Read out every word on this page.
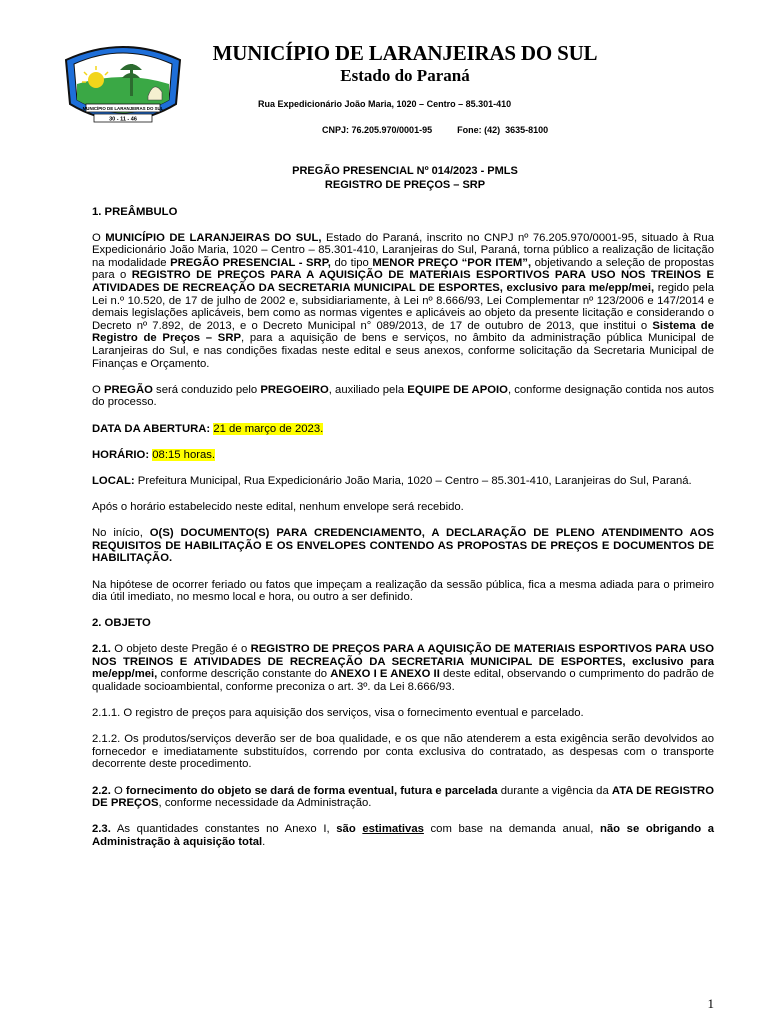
MUNICÍPIO DE LARANJEIRAS DO SUL
30 - 11 - 46
MUNICÍPIO DE LARANJEIRAS DO SUL
Estado do Paraná
Rua Expedicionário João Maria, 1020 – Centro – 85.301-410
CNPJ: 76.205.970/0001-95	Fone: (42)  3635-8100
PREGÃO PRESENCIAL Nº 014/2023 - PMLS
REGISTRO DE PREÇOS – SRP

1. PREÂMBULO

O MUNICÍPIO DE LARANJEIRAS DO SUL, Estado do Paraná, inscrito no CNPJ nº 76.205.970/0001-95, situado à Rua Expedicionário João Maria, 1020 – Centro – 85.301-410, Laranjeiras do Sul, Paraná, torna público a realização de licitação na modalidade PREGÃO PRESENCIAL - SRP, do tipo MENOR PREÇO “POR ITEM”, objetivando a seleção de propostas para o REGISTRO DE PREÇOS PARA A AQUISIÇÃO DE MATERIAIS ESPORTIVOS PARA USO NOS TREINOS E ATIVIDADES DE RECREAÇÃO DA SECRETARIA MUNICIPAL DE ESPORTES, exclusivo para me/epp/mei, regido pela Lei n.º 10.520, de 17 de julho de 2002 e, subsidiariamente, à Lei nº 8.666/93, Lei Complementar nº 123/2006 e 147/2014 e demais legislações aplicáveis, bem como as normas vigentes e aplicáveis ao objeto da presente licitação e considerando o Decreto nº 7.892, de 2013, e o Decreto Municipal n° 089/2013, de 17 de outubro de 2013, que institui o Sistema de Registro de Preços – SRP, para a aquisição de bens e serviços, no âmbito da administração pública Municipal de Laranjeiras do Sul, e nas condições fixadas neste edital e seus anexos, conforme solicitação da Secretaria Municipal de Finanças e Orçamento.

O PREGÃO será conduzido pelo PREGOEIRO, auxiliado pela EQUIPE DE APOIO, conforme designação contida nos autos do processo.

DATA DA ABERTURA: 21 de março de 2023.

HORÁRIO: 08:15 horas.

LOCAL: Prefeitura Municipal, Rua Expedicionário João Maria, 1020 – Centro – 85.301-410, Laranjeiras do Sul, Paraná.

Após o horário estabelecido neste edital, nenhum envelope será recebido.

No início, O(S) DOCUMENTO(S) PARA CREDENCIAMENTO, A DECLARAÇÃO DE PLENO ATENDIMENTO AOS REQUISITOS DE HABILITAÇÃO E OS ENVELOPES CONTENDO AS PROPOSTAS DE PREÇOS E DOCUMENTOS DE HABILITAÇÃO.

Na hipótese de ocorrer feriado ou fatos que impeçam a realização da sessão pública, fica a mesma adiada para o primeiro dia útil imediato, no mesmo local e hora, ou outro a ser definido.

2. OBJETO

2.1. O objeto deste Pregão é o REGISTRO DE PREÇOS PARA A AQUISIÇÃO DE MATERIAIS ESPORTIVOS PARA USO NOS TREINOS E ATIVIDADES DE RECREAÇÃO DA SECRETARIA MUNICIPAL DE ESPORTES, exclusivo para me/epp/mei, conforme descrição constante do ANEXO I E ANEXO II deste edital, observando o cumprimento do padrão de qualidade socioambiental, conforme preconiza o art. 3º. da Lei 8.666/93.

2.1.1. O registro de preços para aquisição dos serviços, visa o fornecimento eventual e parcelado.

2.1.2. Os produtos/serviços deverão ser de boa qualidade, e os que não atenderem a esta exigência serão devolvidos ao fornecedor e imediatamente substituídos, correndo por conta exclusiva do contratado, as despesas com o transporte decorrente deste procedimento.

2.2. O fornecimento do objeto se dará de forma eventual, futura e parcelada durante a vigência da ATA DE REGISTRO DE PREÇOS, conforme necessidade da Administração.

2.3. As quantidades constantes no Anexo I, são estimativas com base na demanda anual, não se obrigando a Administração à aquisição total.

1
